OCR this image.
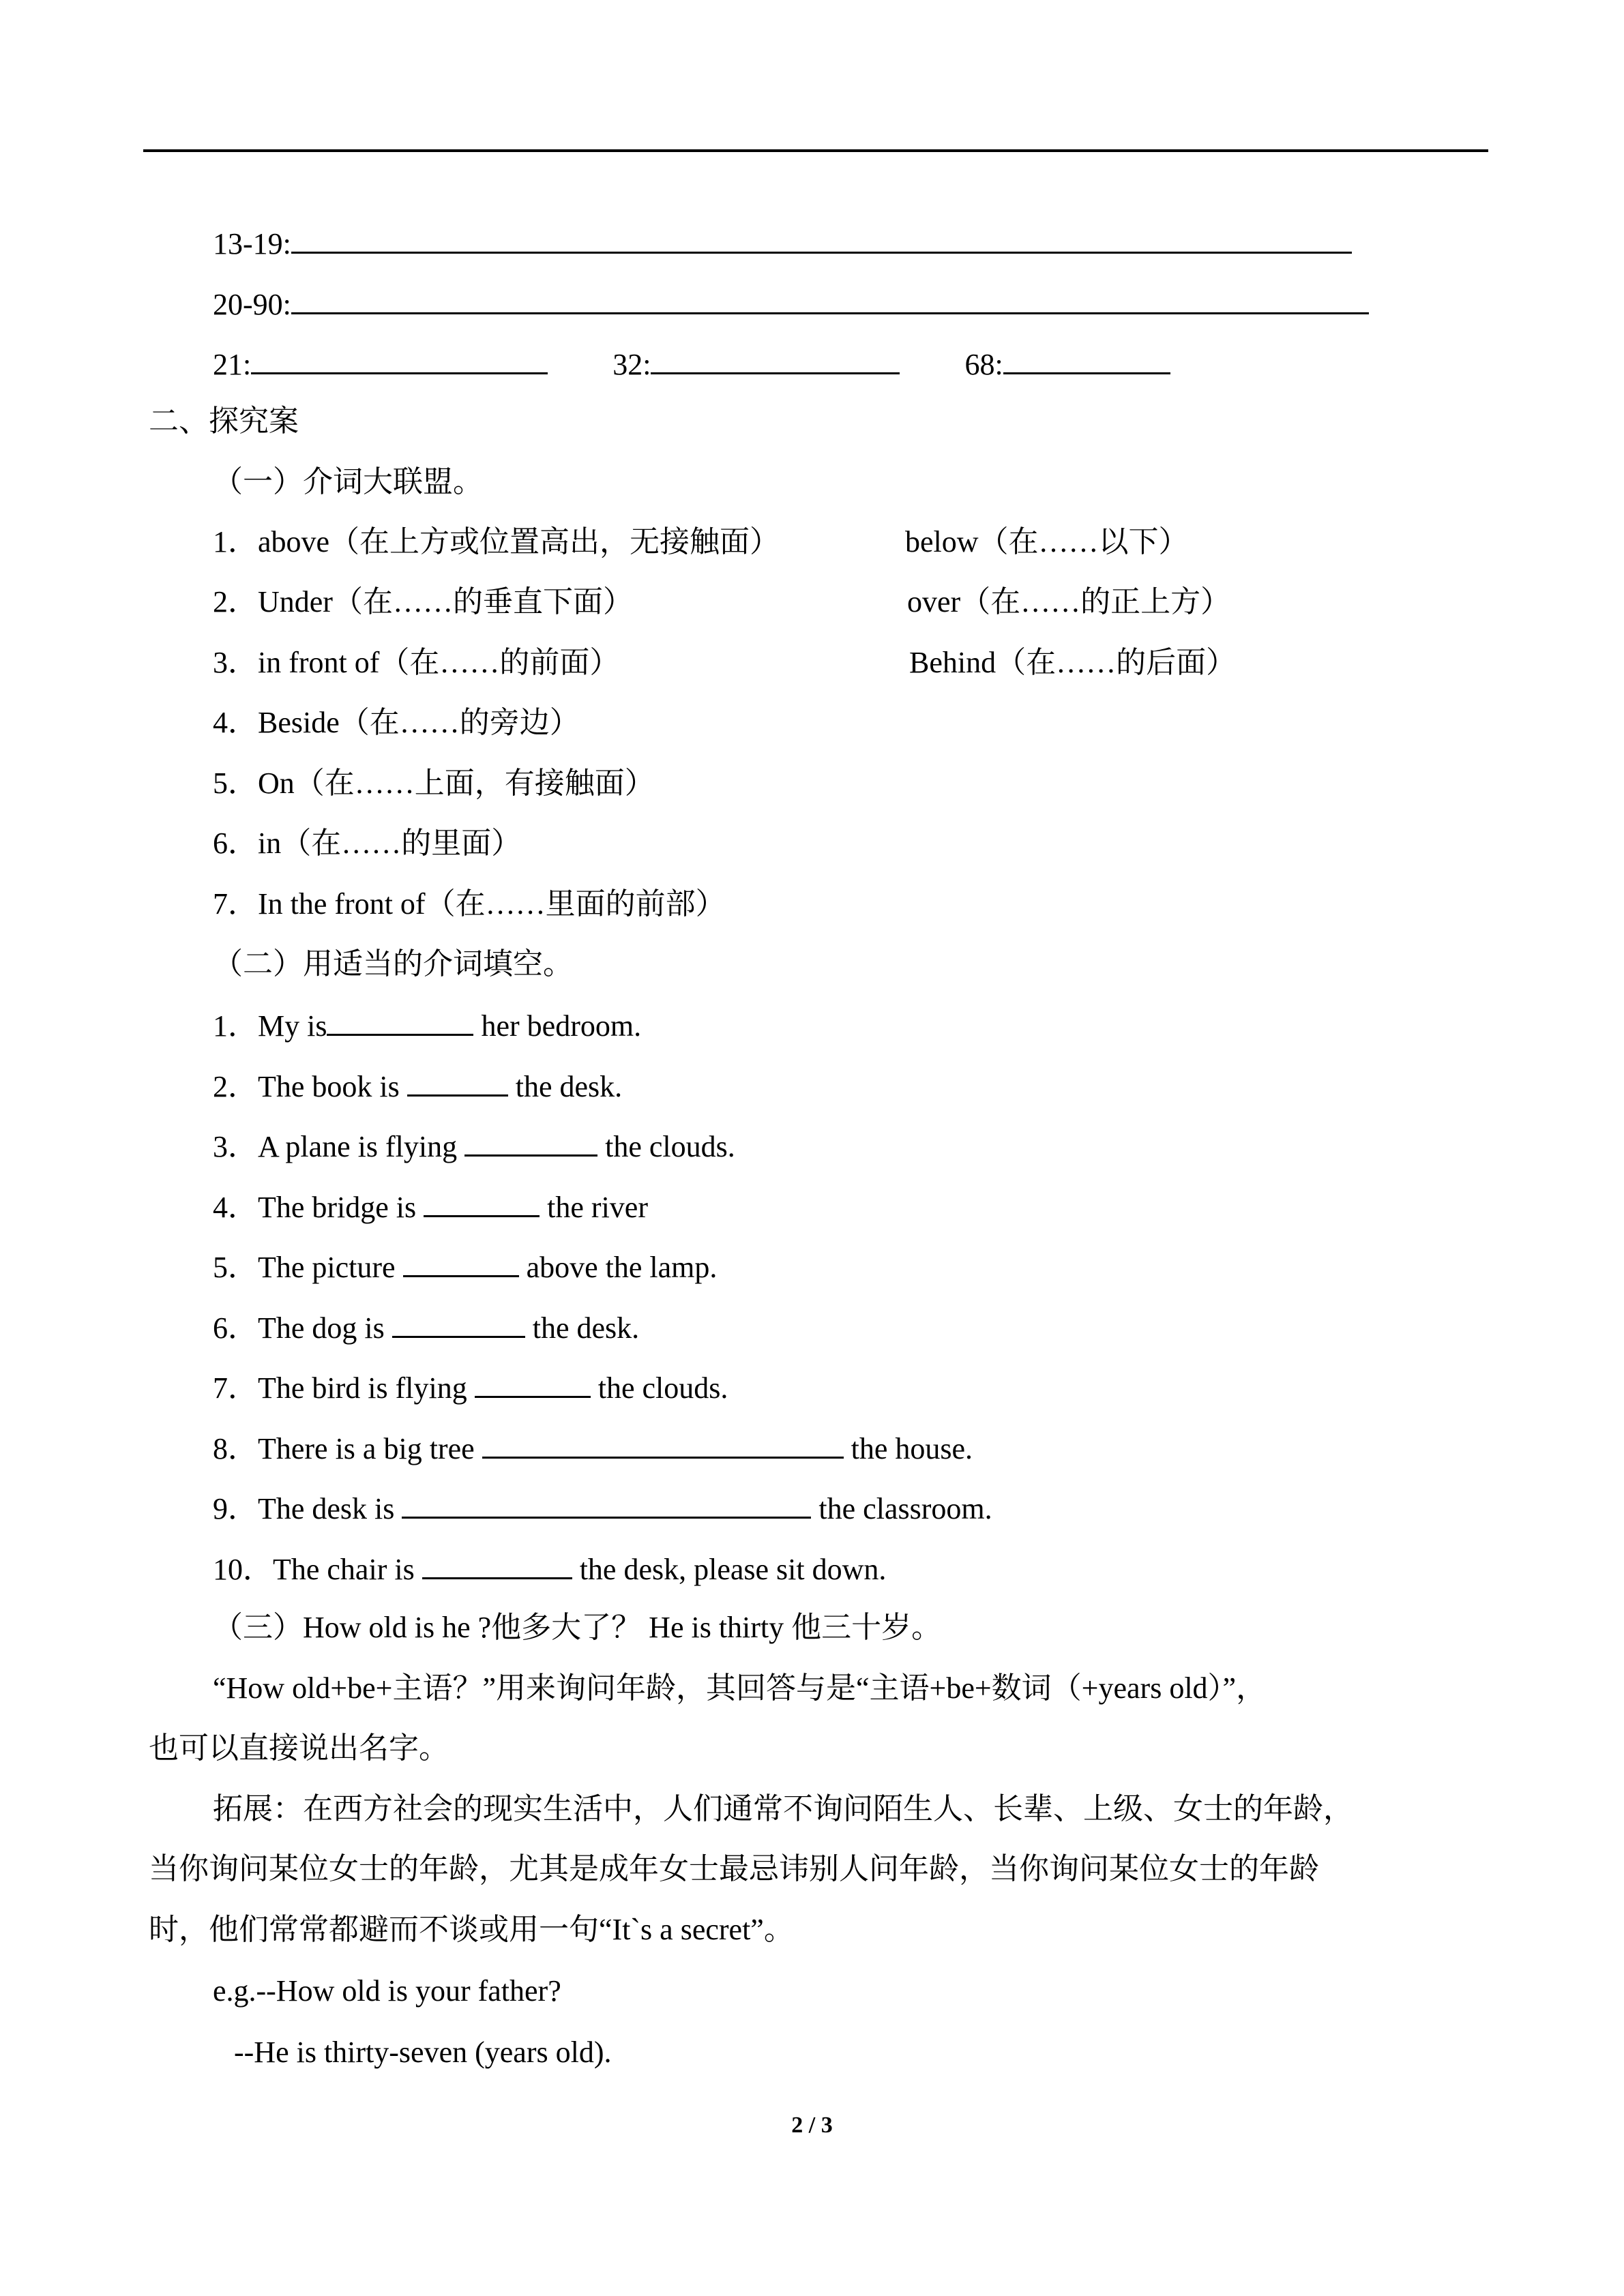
13-19:
20-90:
21:	32:	68:
二、探究案
（一）介词大联盟。
1．above（在上方或位置高出，无接触面）	below（在……以下）
2．Under（在……的垂直下面）	over（在……的正上方）
3．in front of（在……的前面）	Behind（在……的后面）
4．Beside（在……的旁边）
5．On（在……上面，有接触面）
6．in（在……的里面）
7．In the front of（在……里面的前部）
（二）用适当的介词填空。
1．My is	her bedroom.
2．The book is	the desk.
3．A plane is flying	the clouds.
4．The bridge is	the river
5．The picture	above the lamp.
6．The dog is	the desk.
7．The bird is flying	the clouds.
8．There is a big tree	the house.
9．The desk is	the classroom.
10．The chair is	the desk, please sit down.
（三）How old is he ?他多大了？ He is thirty 他三十岁。
“How old+be+主语？”用来询问年龄，其回答与是“主语+be+数词（+years old）”，
也可以直接说出名字。
拓展：在西方社会的现实生活中，人们通常不询问陌生人、长辈、上级、女士的年龄，
当你询问某位女士的年龄，尤其是成年女士最忌讳别人问年龄，当你询问某位女士的年龄
时，他们常常都避而不谈或用一句“It`s a secret”。
e.g.--How old is your father?
--He is thirty-seven (years old).
2 / 3
